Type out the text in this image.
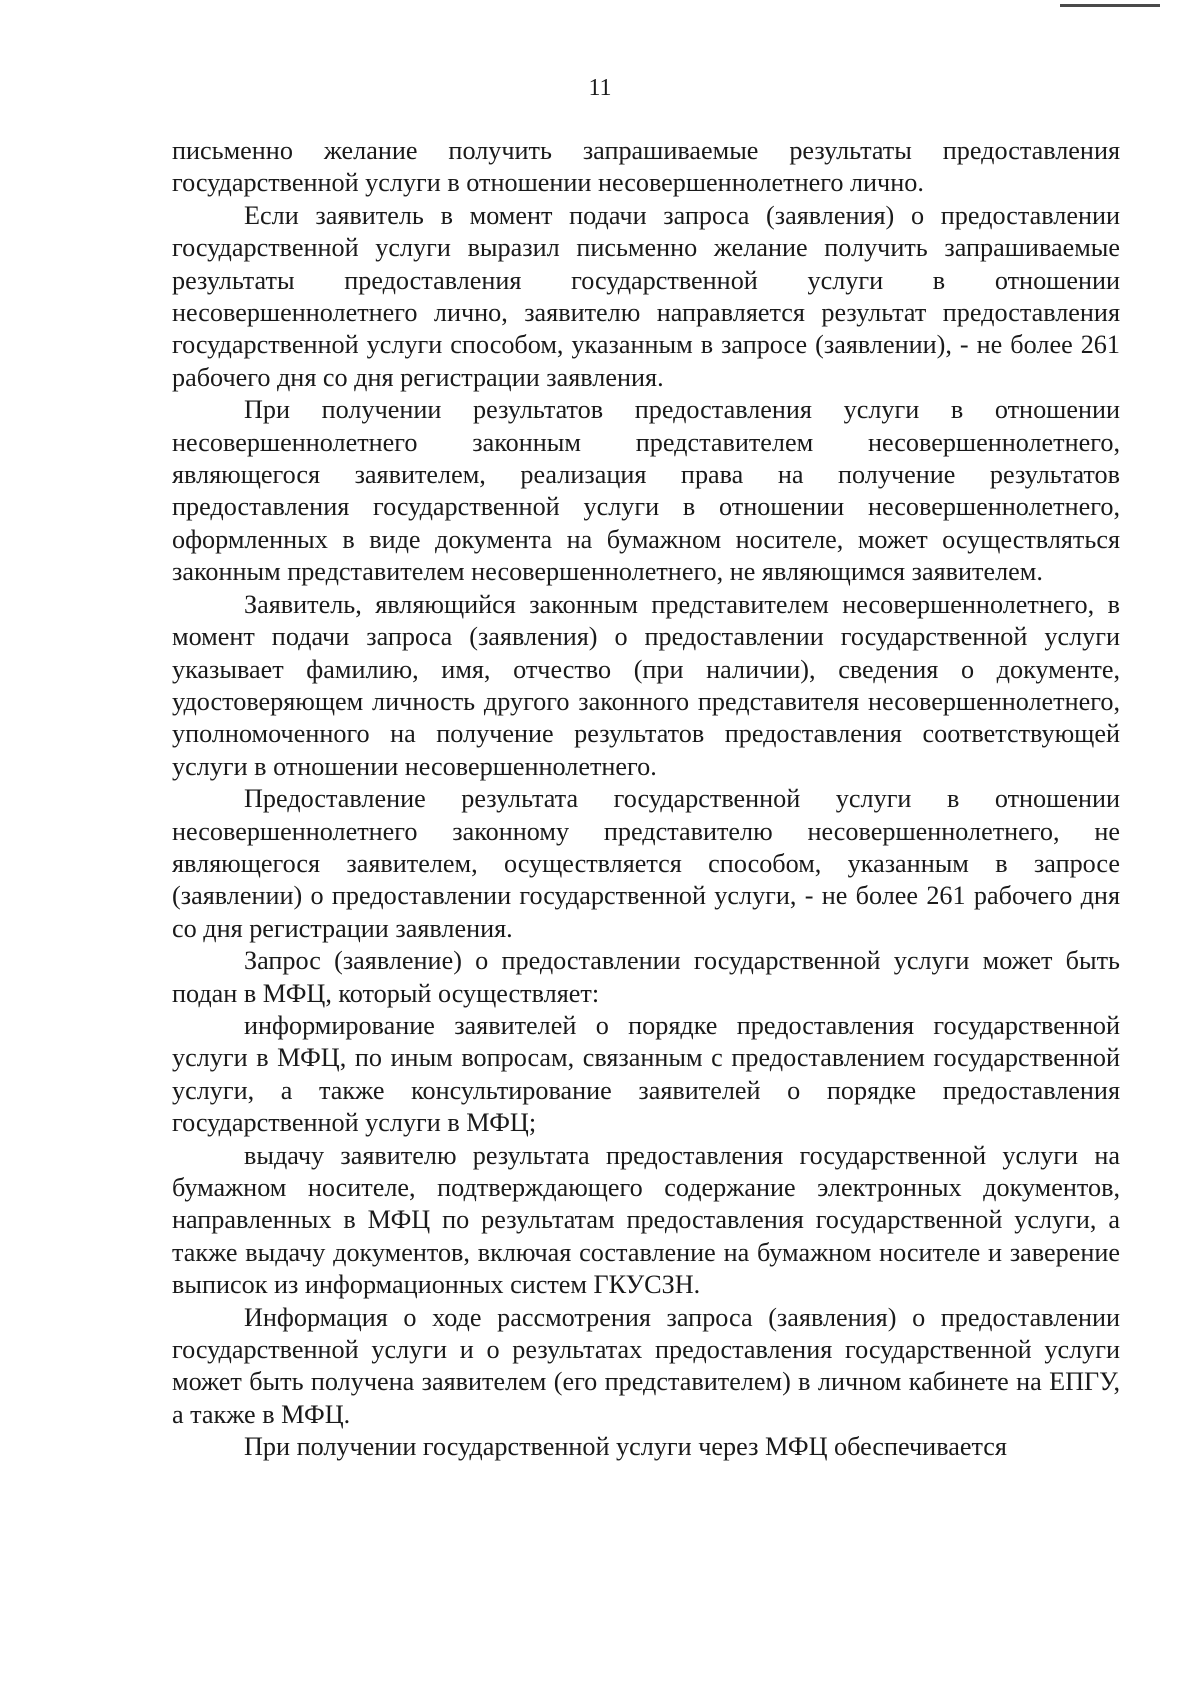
11

письменно желание получить запрашиваемые результаты предоставления государственной услуги в отношении несовершеннолетнего лично.

Если заявитель в момент подачи запроса (заявления) о предоставлении государственной услуги выразил письменно желание получить запрашиваемые результаты предоставления государственной услуги в отношении несовершеннолетнего лично, заявителю направляется результат предоставления государственной услуги способом, указанным в запросе (заявлении), - не более 261 рабочего дня со дня регистрации заявления.

При получении результатов предоставления услуги в отношении несовершеннолетнего законным представителем несовершеннолетнего, являющегося заявителем, реализация права на получение результатов предоставления государственной услуги в отношении несовершеннолетнего, оформленных в виде документа на бумажном носителе, может осуществляться законным представителем несовершеннолетнего, не являющимся заявителем.

Заявитель, являющийся законным представителем несовершеннолетнего, в момент подачи запроса (заявления) о предоставлении государственной услуги указывает фамилию, имя, отчество (при наличии), сведения о документе, удостоверяющем личность другого законного представителя несовершеннолетнего, уполномоченного на получение результатов предоставления соответствующей услуги в отношении несовершеннолетнего.

Предоставление результата государственной услуги в отношении несовершеннолетнего законному представителю несовершеннолетнего, не являющегося заявителем, осуществляется способом, указанным в запросе (заявлении) о предоставлении государственной услуги, - не более 261 рабочего дня со дня регистрации заявления.

Запрос (заявление) о предоставлении государственной услуги может быть подан в МФЦ, который осуществляет:

информирование заявителей о порядке предоставления государственной услуги в МФЦ, по иным вопросам, связанным с предоставлением государственной услуги, а также консультирование заявителей о порядке предоставления государственной услуги в МФЦ;

выдачу заявителю результата предоставления государственной услуги на бумажном носителе, подтверждающего содержание электронных документов, направленных в МФЦ по результатам предоставления государственной услуги, а также выдачу документов, включая составление на бумажном носителе и заверение выписок из информационных систем ГКУСЗН.

Информация о ходе рассмотрения запроса (заявления) о предоставлении государственной услуги и о результатах предоставления государственной услуги может быть получена заявителем (его представителем) в личном кабинете на ЕПГУ, а также в МФЦ.

При получении государственной услуги через МФЦ обеспечивается
